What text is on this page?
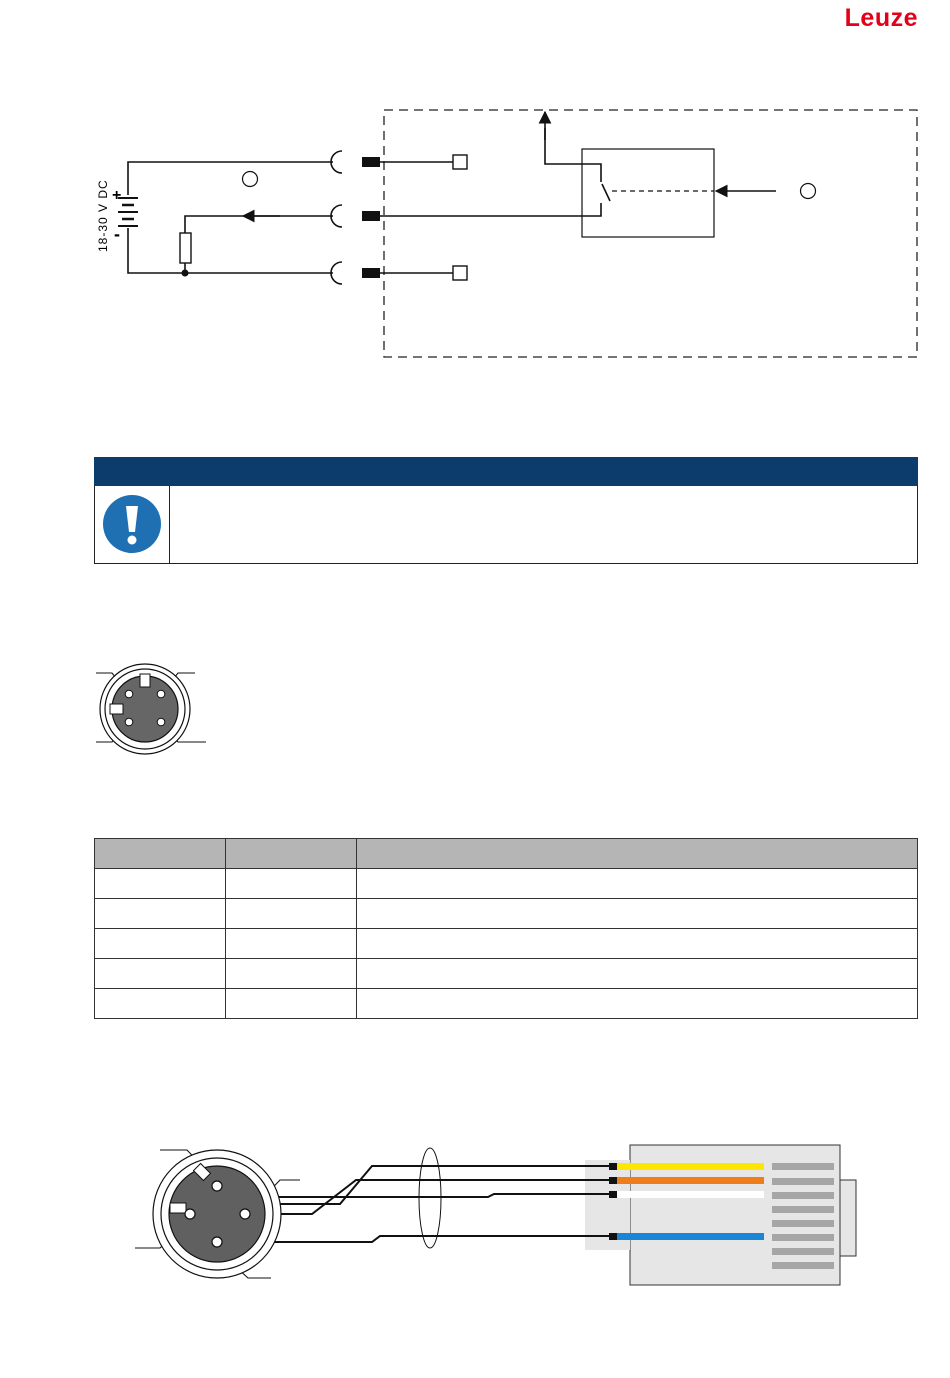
Leuze
+
-
18-30 V DC
